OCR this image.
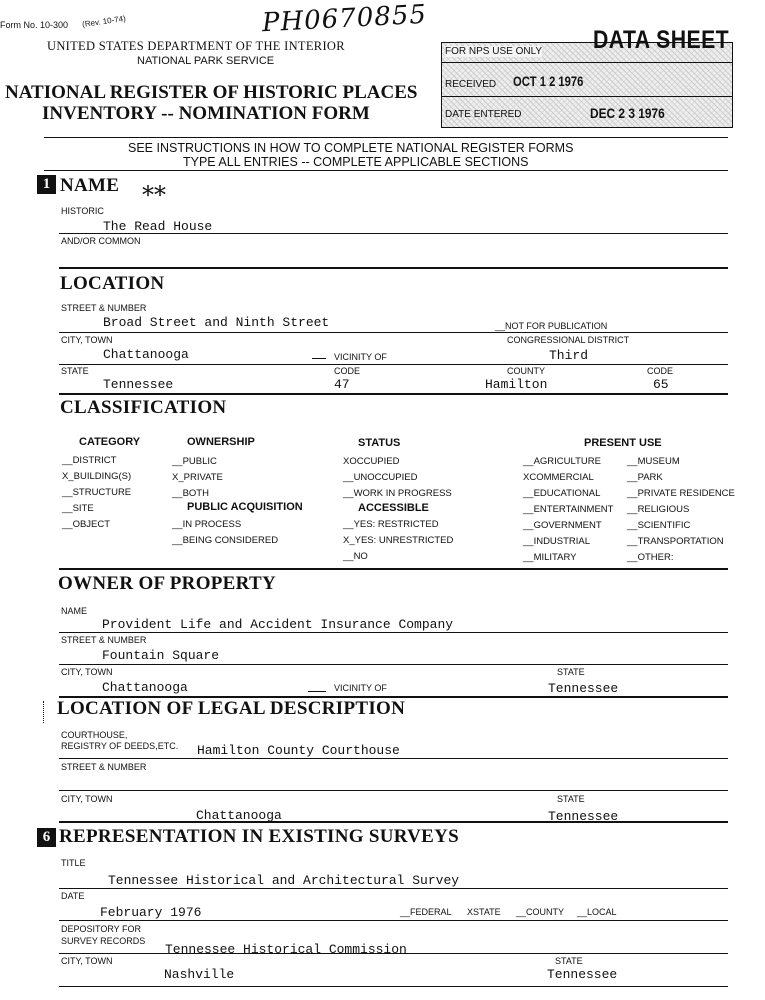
Form No. 10-300 (Rev. 10-74)	PH0670855
UNITED STATES DEPARTMENT OF THE INTERIOR
NATIONAL PARK SERVICE
NATIONAL REGISTER OF HISTORIC PLACES
INVENTORY -- NOMINATION FORM
FOR NPS USE ONLY DATA SHEET
RECEIVED OCT 1 2 1976
DATE ENTERED	DEC 2 3 1976
SEE INSTRUCTIONS IN HOW TO COMPLETE NATIONAL REGISTER FORMS
TYPE ALL ENTRIES -- COMPLETE APPLICABLE SECTIONS
1 NAME **
HISTORIC
The Read House
AND/OR COMMON
LOCATION
STREET & NUMBER
Broad Street and Ninth Street	__NOT FOR PUBLICATION
CITY, TOWN	CONGRESSIONAL DISTRICT
Chattanooga	VICINITY OF	Third
STATE	CODE	COUNTY	CODE
Tennessee	47	Hamilton	65
CLASSIFICATION
CATEGORY
__DISTRICT
X_BUILDING(S)
__STRUCTURE
__SITE
__OBJECT
OWNERSHIP
__PUBLIC
X_PRIVATE
__BOTH
PUBLIC ACQUISITION
__IN PROCESS
__BEING CONSIDERED
STATUS
XOCCUPIED
__UNOCCUPIED
__WORK IN PROGRESS
ACCESSIBLE
__YES: RESTRICTED
X_YES: UNRESTRICTED
__NO
PRESENT USE
__AGRICULTURE
XCOMMERCIAL
__EDUCATIONAL
__ENTERTAINMENT
__GOVERNMENT
__INDUSTRIAL
__MILITARY
__MUSEUM
__PARK
__PRIVATE RESIDENCE
__RELIGIOUS
__SCIENTIFIC
__TRANSPORTATION
__OTHER:
OWNER OF PROPERTY
NAME
Provident Life and Accident Insurance Company
STREET & NUMBER
Fountain Square
CITY, TOWN	STATE
Chattanooga	VICINITY OF	Tennessee
LOCATION OF LEGAL DESCRIPTION
COURTHOUSE,
REGISTRY OF DEEDS,ETC. Hamilton County Courthouse
STREET & NUMBER
CITY, TOWN	STATE
Chattanooga	Tennessee
6 REPRESENTATION IN EXISTING SURVEYS
TITLE
Tennessee Historical and Architectural Survey
DATE
February 1976	__FEDERAL XSTATE __COUNTY __LOCAL
DEPOSITORY FOR
SURVEY RECORDS
Tennessee Historical Commission
CITY, TOWN	STATE
Nashville	Tennessee
